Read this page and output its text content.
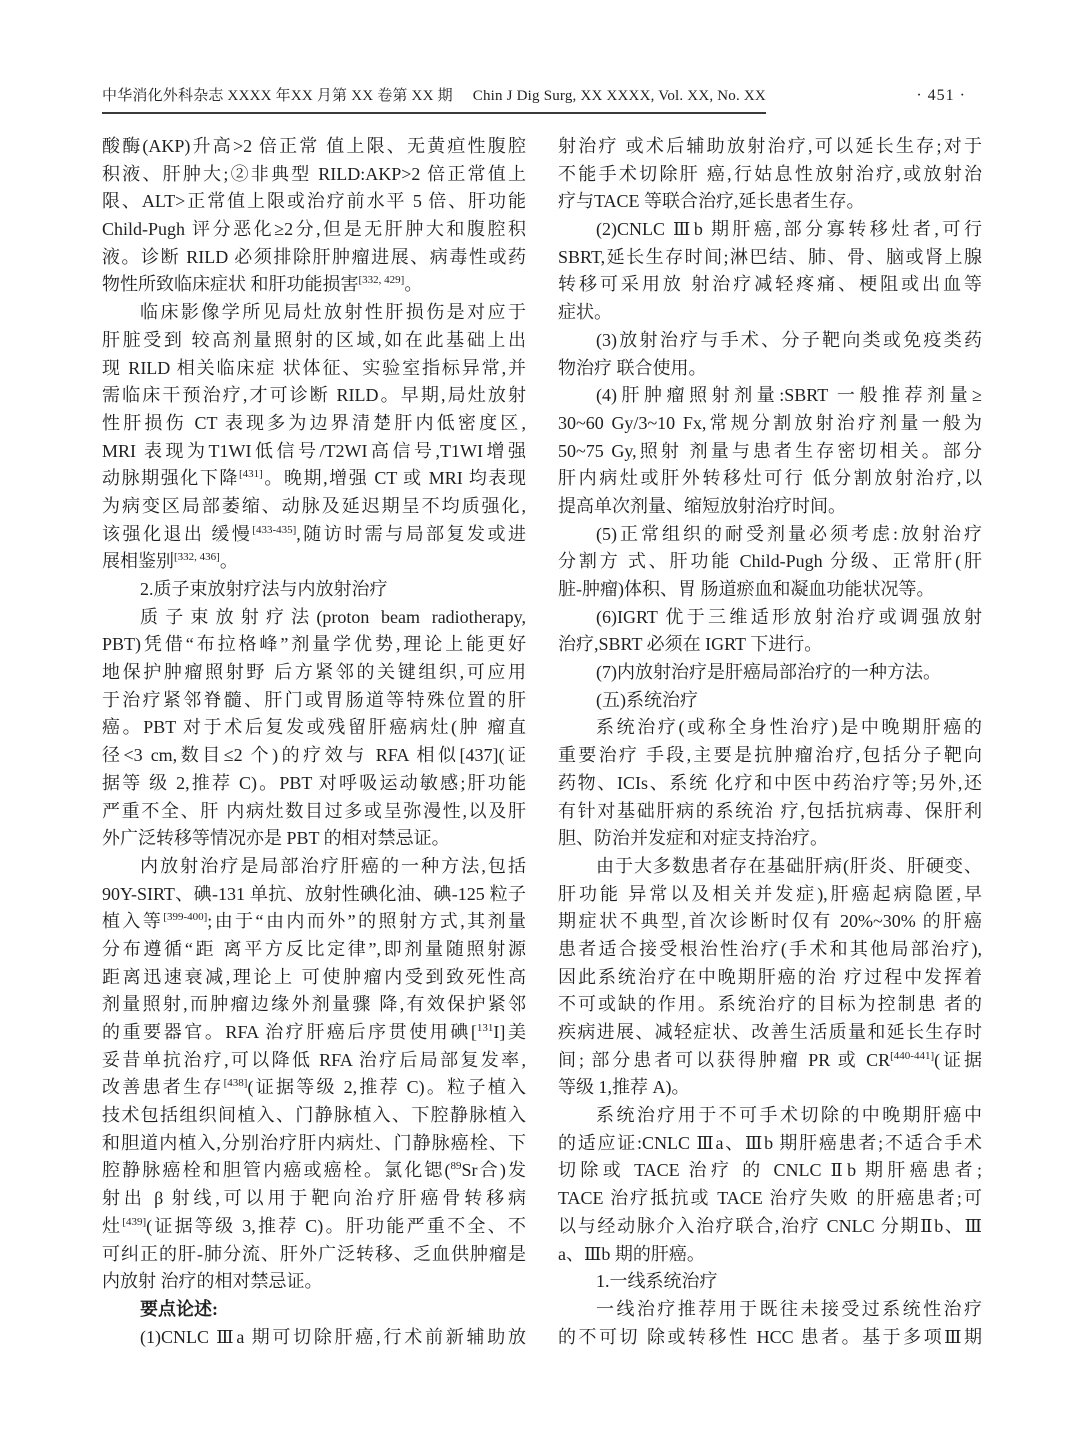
中华消化外科杂志 XXXX 年XX 月第 XX 卷第 XX 期 Chin J Dig Surg, XX XXXX, Vol. XX, No. XX	· 451 ·
酸酶(AKP)升高>2 倍正常 值上限、无黄疸性腹腔
积液、肝肿大;②非典型 RILD:AKP>2 倍正常值上
限、ALT>正常值上限或治疗前水平 5 倍、肝功能
Child-Pugh 评分恶化≥2分,但是无肝肿大和腹腔积
液。诊断 RILD 必须排除肝肿瘤进展、病毒性或药
物性所致临床症状 和肝功能损害[332, 429]。
临床影像学所见局灶放射性肝损伤是对应于
肝脏受到 较高剂量照射的区域,如在此基础上出
现 RILD 相关临床症 状体征、实验室指标异常,并
需临床干预治疗,才可诊断 RILD。早期,局灶放射
性肝损伤 CT 表现多为边界清楚肝内低密度区,
MRI 表现为T1WI低信号/T2WI高信号,T1WI增强
动脉期强化下降[431]。晚期,增强 CT 或 MRI 均表现
为病变区局部萎缩、动脉及延迟期呈不均质强化,
该强化退出 缓慢[433-435],随访时需与局部复发或进
展相鉴别[332, 436]。
2.质子束放射疗法与内放射治疗
质子束放射疗法(proton beam radiotherapy,
PBT)凭借“布拉格峰”剂量学优势,理论上能更好
地保护肿瘤照射野 后方紧邻的关键组织,可应用
于治疗紧邻脊髓、肝门或胃肠道等特殊位置的肝
癌。PBT 对于术后复发或残留肝癌病灶(肿 瘤直
径<3 cm,数目≤2 个)的疗效与 RFA 相似[437](证
据等 级 2,推荐 C)。PBT 对呼吸运动敏感;肝功能
严重不全、肝 内病灶数目过多或呈弥漫性,以及肝
外广泛转移等情况亦是 PBT 的相对禁忌证。
内放射治疗是局部治疗肝癌的一种方法,包括
90Y-SIRT、碘-131 单抗、放射性碘化油、碘-125 粒子
植入等[399-400];由于“由内而外”的照射方式,其剂量
分布遵循“距 离平方反比定律”,即剂量随照射源
距离迅速衰减,理论上 可使肿瘤内受到致死性高
剂量照射,而肿瘤边缘外剂量骤 降,有效保护紧邻
的重要器官。RFA 治疗肝癌后序贯使用碘[$^{131}$I]美
妥昔单抗治疗,可以降低 RFA 治疗后局部复发率,
改善患者生存[438](证据等级 2,推荐 C)。粒子植入
技术包括组织间植入、门静脉植入、下腔静脉植入
和胆道内植入,分别治疗肝内病灶、门静脉癌栓、下
腔静脉癌栓和胆管内癌或癌栓。氯化锶($^{89}$Sr合)发
射出 β 射线,可以用于靶向治疗肝癌骨转移病
灶[439](证据等级 3,推荐 C)。肝功能严重不全、不
可纠正的肝-肺分流、肝外广泛转移、乏血供肿瘤是
内放射 治疗的相对禁忌证。
要点论述:
(1)CNLC Ⅲa 期可切除肝癌,行术前新辅助放
射治疗 或术后辅助放射治疗,可以延长生存;对于
不能手术切除肝 癌,行姑息性放射治疗,或放射治
疗与TACE 等联合治疗,延长患者生存。
(2)CNLC Ⅲb 期肝癌,部分寡转移灶者,可行
SBRT,延长生存时间;淋巴结、肺、骨、脑或肾上腺
转移可采用放 射治疗减轻疼痛、梗阻或出血等
症状。
(3)放射治疗与手术、分子靶向类或免疫类药
物治疗 联合使用。
(4)肝肿瘤照射剂量:SBRT 一般推荐剂量≥
30~60 Gy/3~10 Fx,常规分割放射治疗剂量一般为
50~75 Gy,照射 剂量与患者生存密切相关。部分
肝内病灶或肝外转移灶可行 低分割放射治疗,以
提高单次剂量、缩短放射治疗时间。
(5)正常组织的耐受剂量必须考虑:放射治疗
分割方 式、肝功能 Child-Pugh 分级、正常肝(肝
脏-肿瘤)体积、胃 肠道瘀血和凝血功能状况等。
(6)IGRT 优于三维适形放射治疗或调强放射
治疗,SBRT 必须在 IGRT 下进行。
(7)内放射治疗是肝癌局部治疗的一种方法。
(五)系统治疗
系统治疗(或称全身性治疗)是中晚期肝癌的
重要治疗 手段,主要是抗肿瘤治疗,包括分子靶向
药物、ICIs、系统 化疗和中医中药治疗等;另外,还
有针对基础肝病的系统治 疗,包括抗病毒、保肝利
胆、防治并发症和对症支持治疗。
由于大多数患者存在基础肝病(肝炎、肝硬变、
肝功能 异常以及相关并发症),肝癌起病隐匿,早
期症状不典型,首次诊断时仅有 20%~30% 的肝癌
患者适合接受根治性治疗(手术和其他局部治疗),
因此系统治疗在中晚期肝癌的治 疗过程中发挥着
不可或缺的作用。系统治疗的目标为控制患 者的
疾病进展、减轻症状、改善生活质量和延长生存时
间; 部分患者可以获得肿瘤 PR 或 CR[440-441](证据
等级 1,推荐 A)。
系统治疗用于不可手术切除的中晚期肝癌中
的适应证:CNLC Ⅲa、Ⅲb 期肝癌患者;不适合手术
切除或 TACE 治疗 的 CNLC Ⅱb 期肝癌患者;
TACE 治疗抵抗或 TACE 治疗失败 的肝癌患者;可
以与经动脉介入治疗联合,治疗 CNLC 分期Ⅱb、Ⅲ
a、Ⅲb 期的肝癌。
1.一线系统治疗
一线治疗推荐用于既往未接受过系统性治疗
的不可切 除或转移性 HCC 患者。基于多项Ⅲ期
